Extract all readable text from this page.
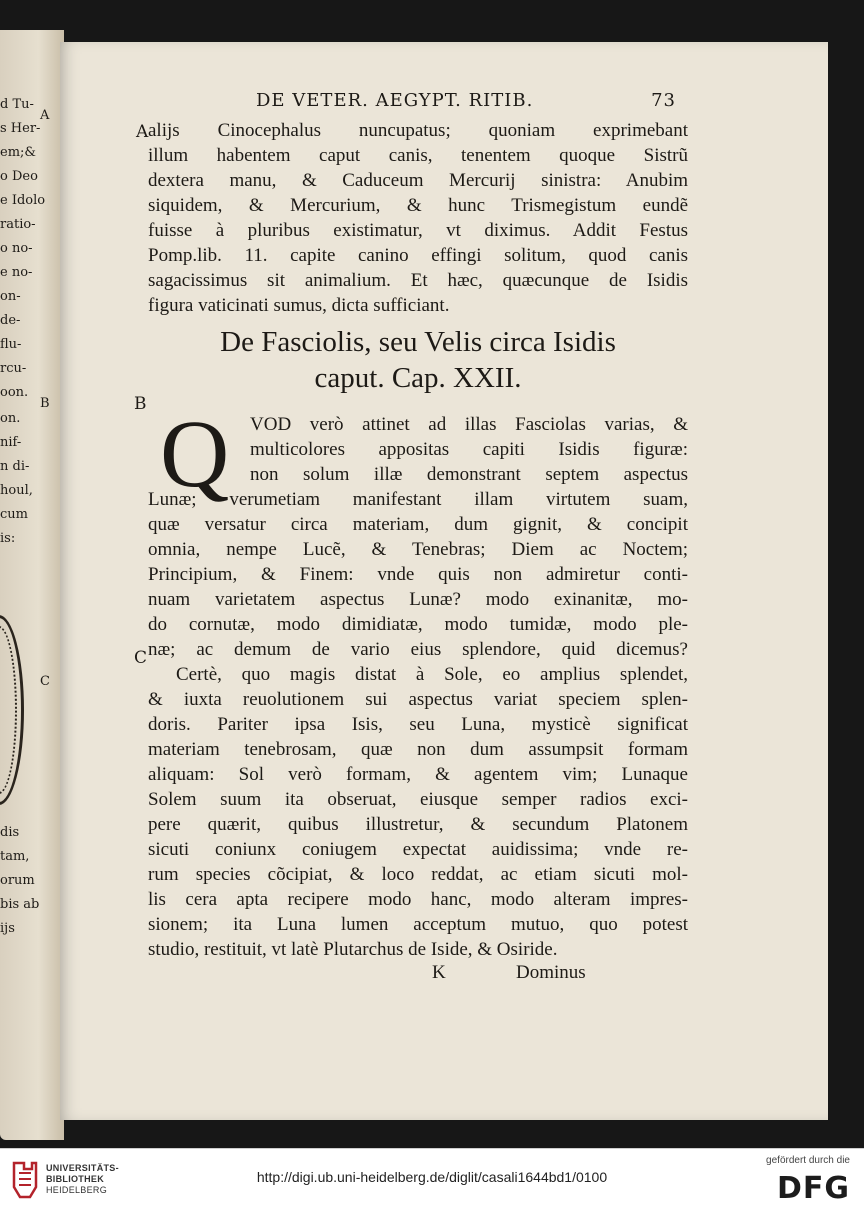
d Tu-
s Her-
em;&
o Deo
e Idolo
ratio-
o no-
e no-
on-
de-
flu-
rcu-
oon.
on.
nif-
n di-
houl,
cum
is:
dis
tam,
orum
bis ab
ijs
A
B
C
DE VETER. AEGYPT. RITIB.	73
A
B
C
alijs Cinocephalus nuncupatus; quoniam exprimebant
illum habentem caput canis, tenentem quoque Sistrũ
dextera manu, & Caduceum Mercurij sinistra: Anubim
siquidem, & Mercurium, & hunc Trismegistum eundẽ
fuisse à pluribus existimatur, vt diximus. Addit Festus
Pomp.lib. 11. capite canino effingi solitum, quod canis
sagacissimus sit animalium. Et hæc, quæcunque de Isidis
figura vaticinati sumus, dicta sufficiant.
De Fasciolis, seu Velis circa Isidis
caput. Cap. XXII.
Q	VOD verò attinet ad illas Fasciolas varias, &
multicolores appositas capiti Isidis figuræ:
non solum illæ demonstrant septem aspectus
Lunæ; verumetiam manifestant illam virtutem suam,
quæ versatur circa materiam, dum gignit, & concipit
omnia, nempe Lucẽ, & Tenebras; Diem ac Noctem;
Principium, & Finem: vnde quis non admiretur conti-
nuam varietatem aspectus Lunæ? modo exinanitæ, mo-
do cornutæ, modo dimidiatæ, modo tumidæ, modo ple-
næ; ac demum de vario eius splendore, quid dicemus?
Certè, quo magis distat à Sole, eo amplius splendet,
& iuxta reuolutionem sui aspectus variat speciem splen-
doris. Pariter ipsa Isis, seu Luna, mysticè significat
materiam tenebrosam, quæ non dum assumpsit formam
aliquam: Sol verò formam, & agentem vim; Lunaque
Solem suum ita obseruat, eiusque semper radios exci-
pere quærit, quibus illustretur, & secundum Platonem
sicuti coniunx coniugem expectat auidissima; vnde re-
rum species cõcipiat, & loco reddat, ac etiam sicuti mol-
lis cera apta recipere modo hanc, modo alteram impres-
sionem; ita Luna lumen acceptum mutuo, quo potest
studio, restituit, vt latè Plutarchus de Iside, & Osiride.
K	Dominus
UNIVERSITÄTS-
BIBLIOTHEK
HEIDELBERG
http://digi.ub.uni-heidelberg.de/diglit/casali1644bd1/0100
gefördert durch die
DFG
